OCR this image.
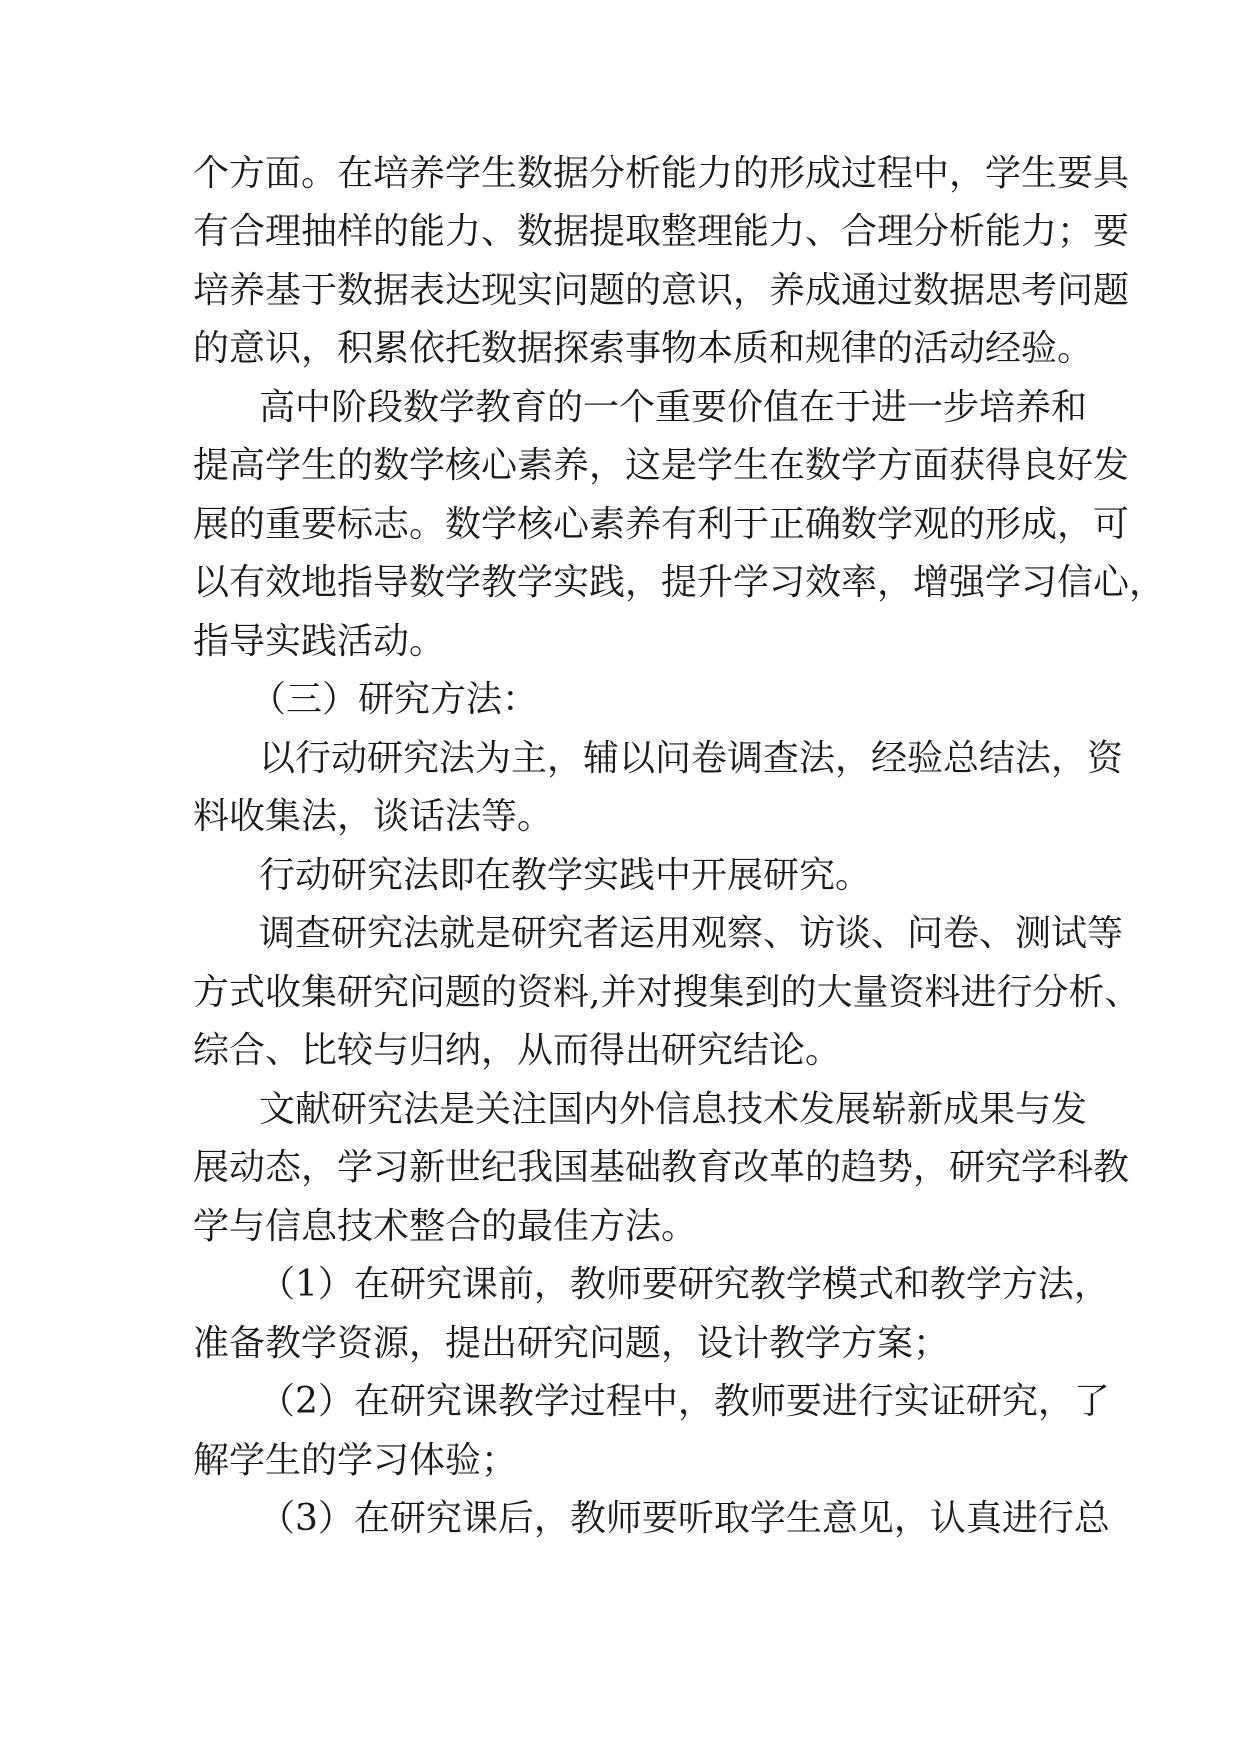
个方面。在培养学生数据分析能力的形成过程中，学生要具
有合理抽样的能力、数据提取整理能力、合理分析能力；要
培养基于数据表达现实问题的意识，养成通过数据思考问题
的意识，积累依托数据探索事物本质和规律的活动经验。
高中阶段数学教育的一个重要价值在于进一步培养和
提高学生的数学核心素养，这是学生在数学方面获得良好发
展的重要标志。数学核心素养有利于正确数学观的形成，可
以有效地指导数学教学实践，提升学习效率，增强学习信心，
指导实践活动。
（三）研究方法：
以行动研究法为主，辅以问卷调查法，经验总结法，资
料收集法，谈话法等。
行动研究法即在教学实践中开展研究。
调查研究法就是研究者运用观察、访谈、问卷、测试等
方式收集研究问题的资料,并对搜集到的大量资料进行分析、
综合、比较与归纳，从而得出研究结论。
文献研究法是关注国内外信息技术发展崭新成果与发
展动态，学习新世纪我国基础教育改革的趋势，研究学科教
学与信息技术整合的最佳方法。
（1）在研究课前，教师要研究教学模式和教学方法，
准备教学资源，提出研究问题，设计教学方案；
（2）在研究课教学过程中，教师要进行实证研究，了
解学生的学习体验；
（3）在研究课后，教师要听取学生意见，认真进行总
